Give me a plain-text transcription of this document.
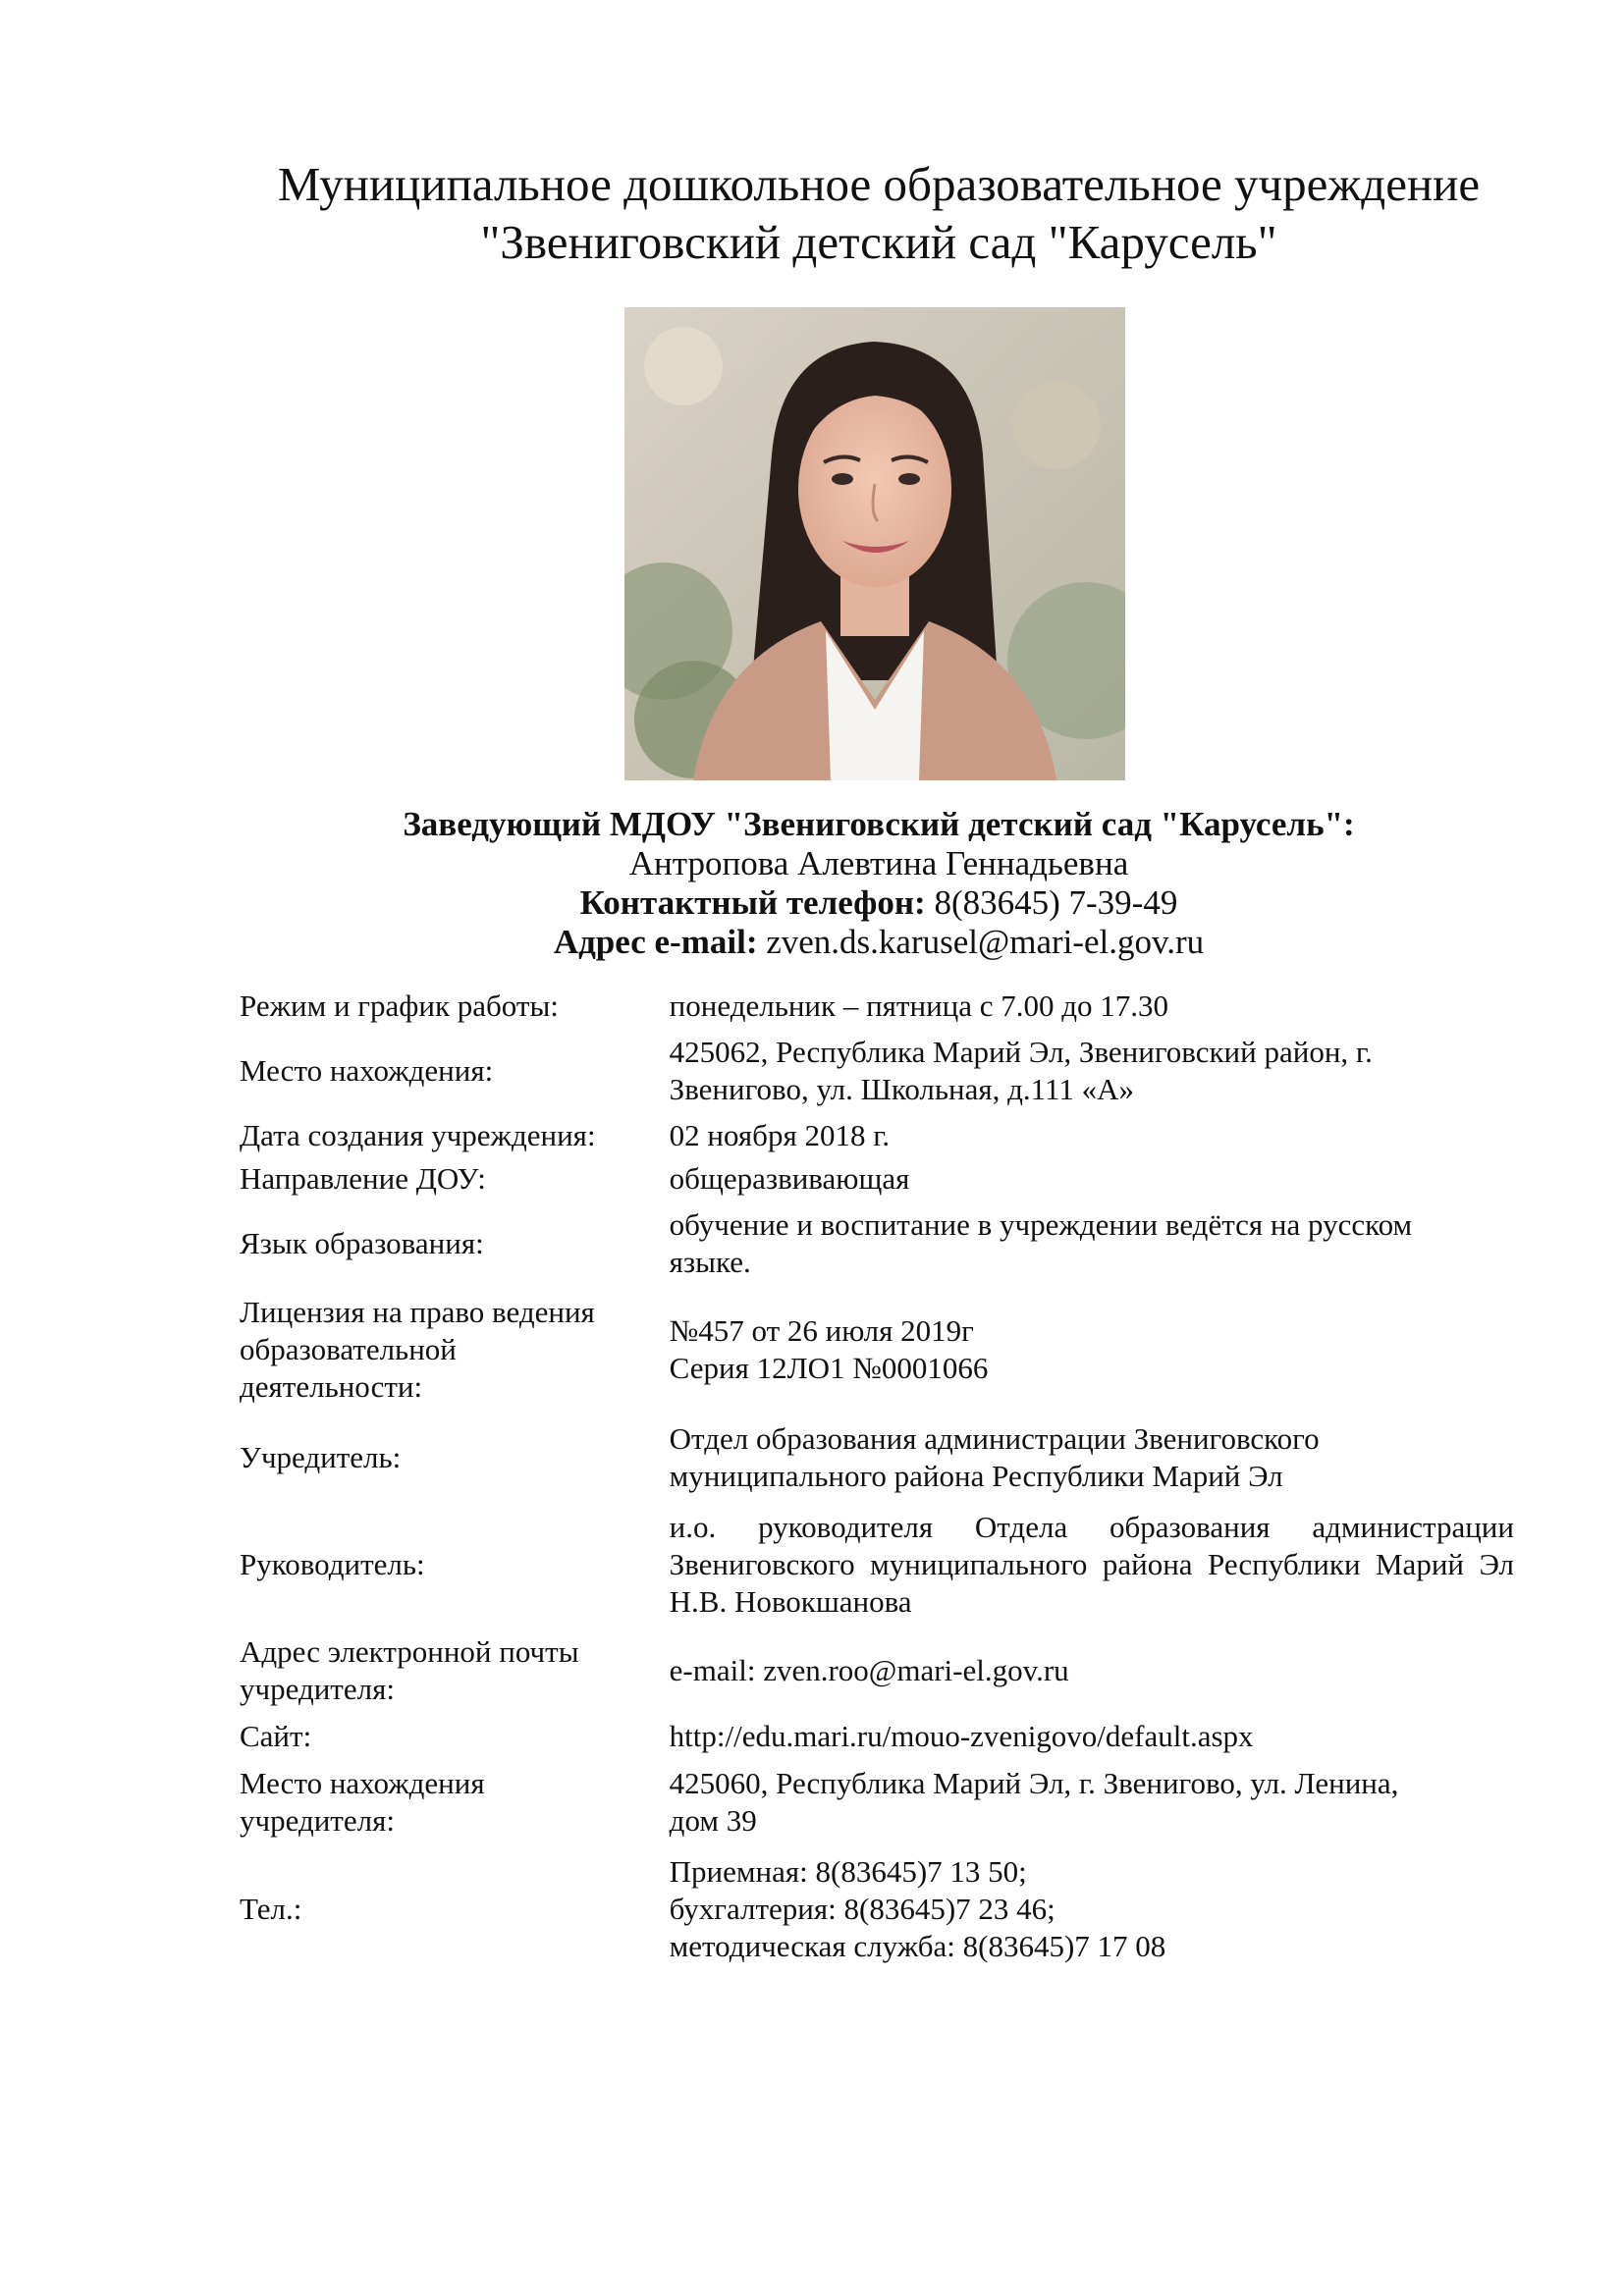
Муниципальное дошкольное образовательное учреждение
"Звениговский детский сад "Карусель"
Заведующий МДОУ "Звениговский детский сад "Карусель":
Антропова Алевтина Геннадьевна
Контактный телефон: 8(83645) 7-39-49
Адрес e-mail: zven.ds.karusel@mari-el.gov.ru
Режим и график работы:	понедельник – пятница с 7.00 до 17.30
Место нахождения:	425062, Республика Марий Эл, Звениговский район, г.
Звенигово, ул. Школьная, д.111 «А»
Дата создания учреждения:	02 ноября 2018 г.
Направление ДОУ:	общеразвивающая
Язык образования:	обучение и воспитание в учреждении ведётся на русском
языке.
Лицензия на право ведения
образовательной
деятельности:	№457 от 26 июля 2019г
Серия 12ЛО1 №0001066
Учредитель:	Отдел образования администрации Звениговского
муниципального района Республики Марий Эл
Руководитель:	и.о. руководителя Отдела образования администрации Звениговского муниципального района Республики Марий Эл Н.В. Новокшанова
Адрес электронной почты
учредителя:	e-mail: zven.roo@mari-el.gov.ru
Сайт:	http://edu.mari.ru/mouo-zvenigovo/default.aspx
Место нахождения
учредителя:	425060, Республика Марий Эл, г. Звенигово, ул. Ленина,
дом 39
Тел.:	Приемная: 8(83645)7 13 50;
бухгалтерия: 8(83645)7 23 46;
методическая служба: 8(83645)7 17 08
